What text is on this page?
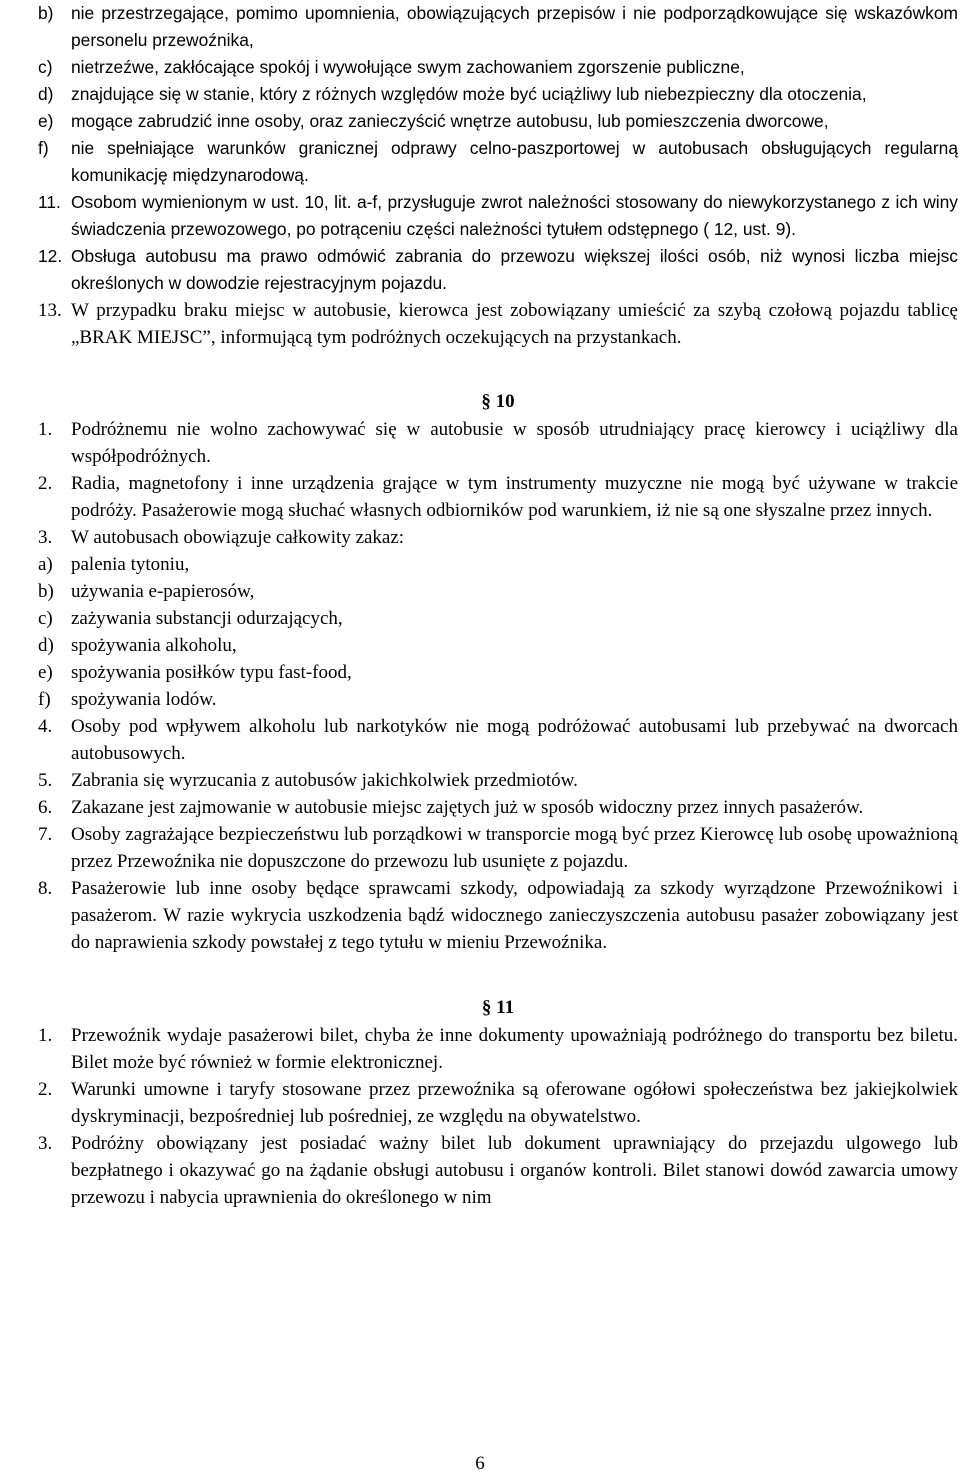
b) nie przestrzegające, pomimo upomnienia, obowiązujących przepisów i nie podporządkowujące się wskazówkom personelu przewoźnika,
c) nietrzeźwe, zakłócające spokój i wywołujące swym zachowaniem zgorszenie publiczne,
d) znajdujące się w stanie, który z różnych względów może być uciążliwy lub niebezpieczny dla otoczenia,
e) mogące zabrudzić inne osoby, oraz zanieczyścić wnętrze autobusu, lub pomieszczenia dworcowe,
f) nie spełniające warunków granicznej odprawy celno-paszportowej w autobusach obsługujących regularną komunikację międzynarodową.
11. Osobom wymienionym w ust. 10, lit. a-f, przysługuje zwrot należności stosowany do niewykorzystanego z ich winy świadczenia przewozowego, po potrąceniu części należności tytułem odstępnego ( 12, ust. 9).
12. Obsługa autobusu ma prawo odmówić zabrania do przewozu większej ilości osób, niż wynosi liczba miejsc określonych w dowodzie rejestracyjnym pojazdu.
13. W przypadku braku miejsc w autobusie, kierowca jest zobowiązany umieścić za szybą czołową pojazdu tablicę „BRAK MIEJSC”, informującą tym podróżnych oczekujących na przystankach.
§ 10
1. Podróżnemu nie wolno zachowywać się w autobusie w sposób utrudniający pracę kierowcy i uciążliwy dla współpodróżnych.
2. Radia, magnetofony i inne urządzenia grające w tym instrumenty muzyczne nie mogą być używane w trakcie podróży. Pasażerowie mogą słuchać własnych odbiorników pod warunkiem, iż nie są one słyszalne przez innych.
3. W autobusach obowiązuje całkowity zakaz:
a) palenia tytoniu,
b) używania e-papierosów,
c) zażywania substancji odurzających,
d) spożywania alkoholu,
e) spożywania posiłków typu fast-food,
f) spożywania lodów.
4. Osoby pod wpływem alkoholu lub narkotyków nie mogą podróżować autobusami lub przebywać na dworcach autobusowych.
5. Zabrania się wyrzucania z autobusów jakichkolwiek przedmiotów.
6. Zakazane jest zajmowanie w autobusie miejsc zajętych już w sposób widoczny przez innych pasażerów.
7. Osoby zagrażające bezpieczeństwu lub porządkowi w transporcie mogą być przez Kierowcę lub osobę upoważnioną przez Przewoźnika nie dopuszczone do przewozu lub usunięte z pojazdu.
8. Pasażerowie lub inne osoby będące sprawcami szkody, odpowiadają za szkody wyrządzone Przewoźnikowi i pasażerom. W razie wykrycia uszkodzenia bądź widocznego zanieczyszczenia autobusu pasażer zobowiązany jest do naprawienia szkody powstałej z tego tytułu w mieniu Przewoźnika.
§ 11
1. Przewoźnik wydaje pasażerowi bilet, chyba że inne dokumenty upoważniają podróżnego do transportu bez biletu. Bilet może być również w formie elektronicznej.
2. Warunki umowne i taryfy stosowane przez przewoźnika są oferowane ogółowi społeczeństwa bez jakiejkolwiek dyskryminacji, bezpośredniej lub pośredniej, ze względu na obywatelstwo.
3. Podróżny obowiązany jest posiadać ważny bilet lub dokument uprawniający do przejazdu ulgowego lub bezpłatnego i okazywać go na żądanie obsługi autobusu i organów kontroli. Bilet stanowi dowód zawarcia umowy przewozu i nabycia uprawnienia do określonego w nim
6
